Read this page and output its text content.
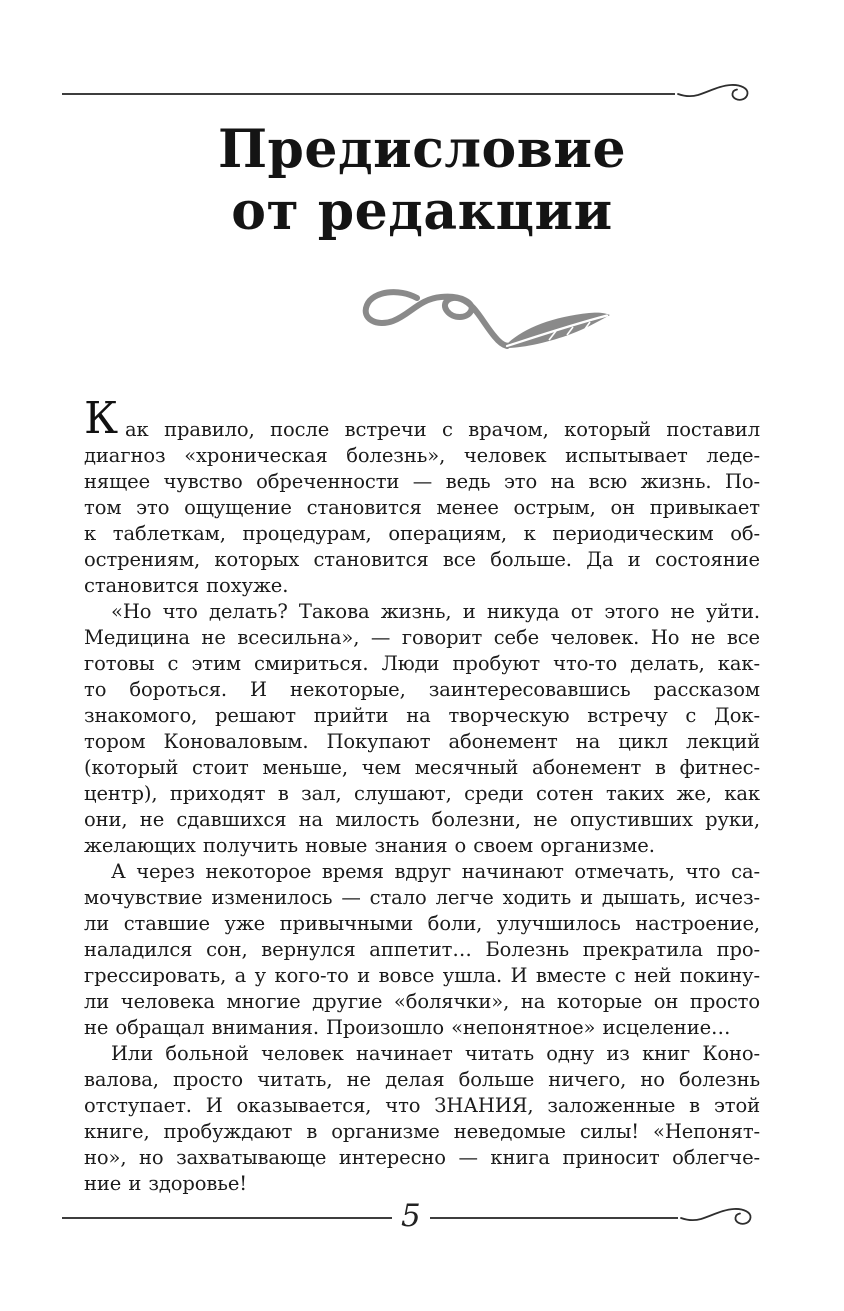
Предисловие
от редакции
К ак правило, после встречи с врачом, который поставил
диагноз «хроническая болезнь», человек испытывает леде-
нящее чувство обреченности — ведь это на всю жизнь. По-
том это ощущение становится менее острым, он привыкает
к таблеткам, процедурам, операциям, к периодическим об-
острениям, которых становится все больше. Да и состояние
становится похуже.
«Но что делать? Такова жизнь, и никуда от этого не уйти.
Медицина не всесильна», — говорит себе человек. Но не все
готовы с этим смириться. Люди пробуют что-то делать, как-
то бороться. И некоторые, заинтересовавшись рассказом
знакомого, решают прийти на творческую встречу с Док-
тором Коноваловым. Покупают абонемент на цикл лекций
(который стоит меньше, чем месячный абонемент в фитнес-
центр), приходят в зал, слушают, среди сотен таких же, как
они, не сдавшихся на милость болезни, не опустивших руки,
желающих получить новые знания о своем организме.
А через некоторое время вдруг начинают отмечать, что са-
мочувствие изменилось — стало легче ходить и дышать, исчез-
ли ставшие уже привычными боли, улучшилось настроение,
наладился сон, вернулся аппетит… Болезнь прекратила про-
грессировать, а у кого-то и вовсе ушла. И вместе с ней покину-
ли человека многие другие «болячки», на которые он просто
не обращал внимания. Произошло «непонятное» исцеление…
Или больной человек начинает читать одну из книг Коно-
валова, просто читать, не делая больше ничего, но болезнь
отступает. И оказывается, что ЗНАНИЯ, заложенные в этой
книге, пробуждают в организме неведомые силы! «Непонят-
но», но захватывающе интересно — книга приносит облегче-
ние и здоровье!
5
